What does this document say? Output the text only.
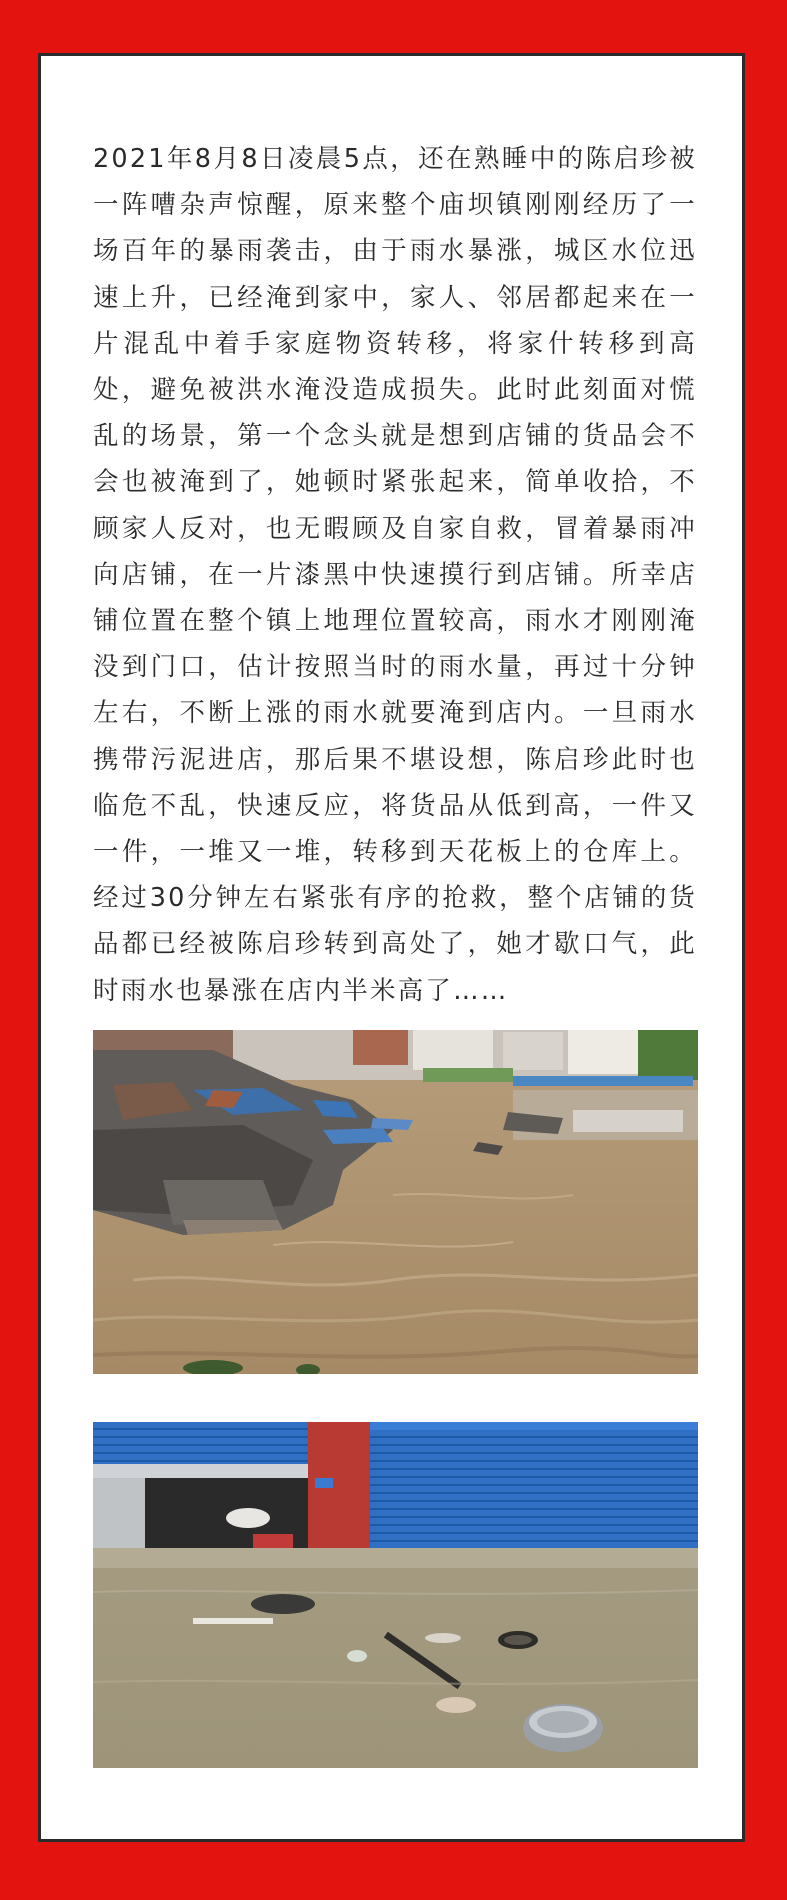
2021年8月8日凌晨5点，还在熟睡中的陈启珍被一阵嘈杂声惊醒，原来整个庙坝镇刚刚经历了一场百年的暴雨袭击，由于雨水暴涨，城区水位迅速上升，已经淹到家中，家人、邻居都起来在一片混乱中着手家庭物资转移，将家什转移到高处，避免被洪水淹没造成损失。此时此刻面对慌乱的场景，第一个念头就是想到店铺的货品会不会也被淹到了，她顿时紧张起来，简单收拾，不顾家人反对，也无暇顾及自家自救，冒着暴雨冲向店铺，在一片漆黑中快速摸行到店铺。所幸店铺位置在整个镇上地理位置较高，雨水才刚刚淹没到门口，估计按照当时的雨水量，再过十分钟左右，不断上涨的雨水就要淹到店内。一旦雨水携带污泥进店，那后果不堪设想，陈启珍此时也临危不乱，快速反应，将货品从低到高，一件又一件，一堆又一堆，转移到天花板上的仓库上。经过30分钟左右紧张有序的抢救，整个店铺的货品都已经被陈启珍转到高处了，她才歇口气，此时雨水也暴涨在店内半米高了……
